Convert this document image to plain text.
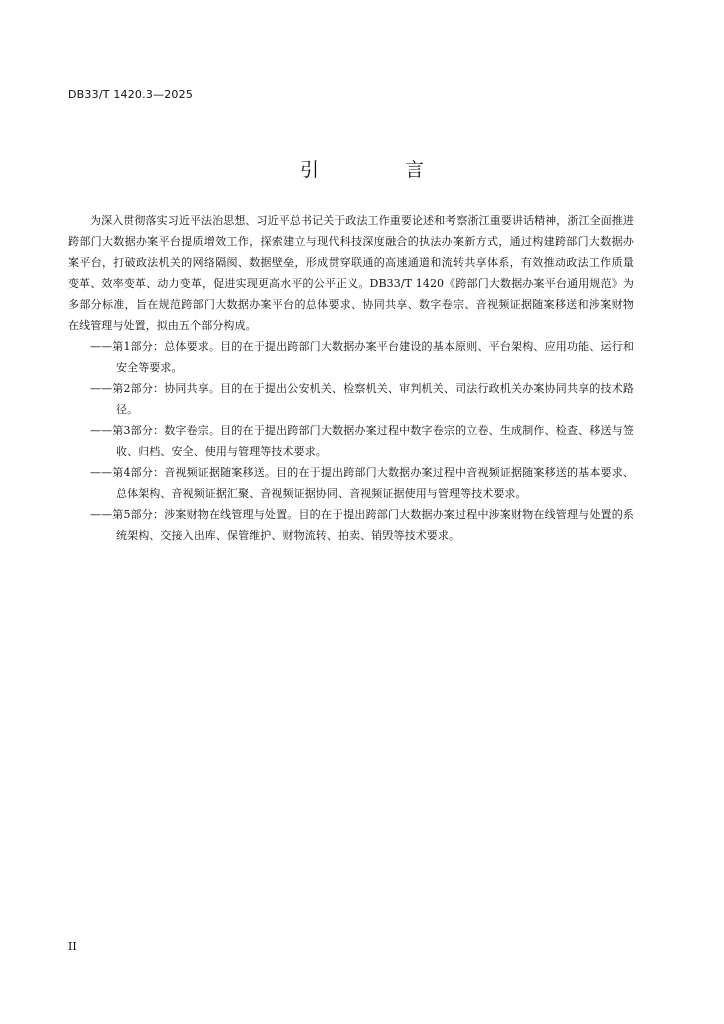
DB33/T 1420.3—2025
引 言

为深入贯彻落实习近平法治思想、习近平总书记关于政法工作重要论述和考察浙江重要讲话精神，浙江全面推进跨部门大数据办案平台提质增效工作，探索建立与现代科技深度融合的执法办案新方式，通过构建跨部门大数据办案平台，打破政法机关的网络隔阂、数据壁垒，形成贯穿联通的高速通道和流转共享体系，有效推动政法工作质量变革、效率变革、动力变革，促进实现更高水平的公平正义。DB33/T 1420《跨部门大数据办案平台通用规范》为多部分标准，旨在规范跨部门大数据办案平台的总体要求、协同共享、数字卷宗、音视频证据随案移送和涉案财物在线管理与处置，拟由五个部分构成。

——第1部分：总体要求。目的在于提出跨部门大数据办案平台建设的基本原则、平台架构、应用功能、运行和安全等要求。

——第2部分：协同共享。目的在于提出公安机关、检察机关、审判机关、司法行政机关办案协同共享的技术路径。

——第3部分：数字卷宗。目的在于提出跨部门大数据办案过程中数字卷宗的立卷、生成制作、检查、移送与签收、归档、安全、使用与管理等技术要求。

——第4部分：音视频证据随案移送。目的在于提出跨部门大数据办案过程中音视频证据随案移送的基本要求、总体架构、音视频证据汇聚、音视频证据协同、音视频证据使用与管理等技术要求。

——第5部分：涉案财物在线管理与处置。目的在于提出跨部门大数据办案过程中涉案财物在线管理与处置的系统架构、交接入出库、保管维护、财物流转、拍卖、销毁等技术要求。

II
